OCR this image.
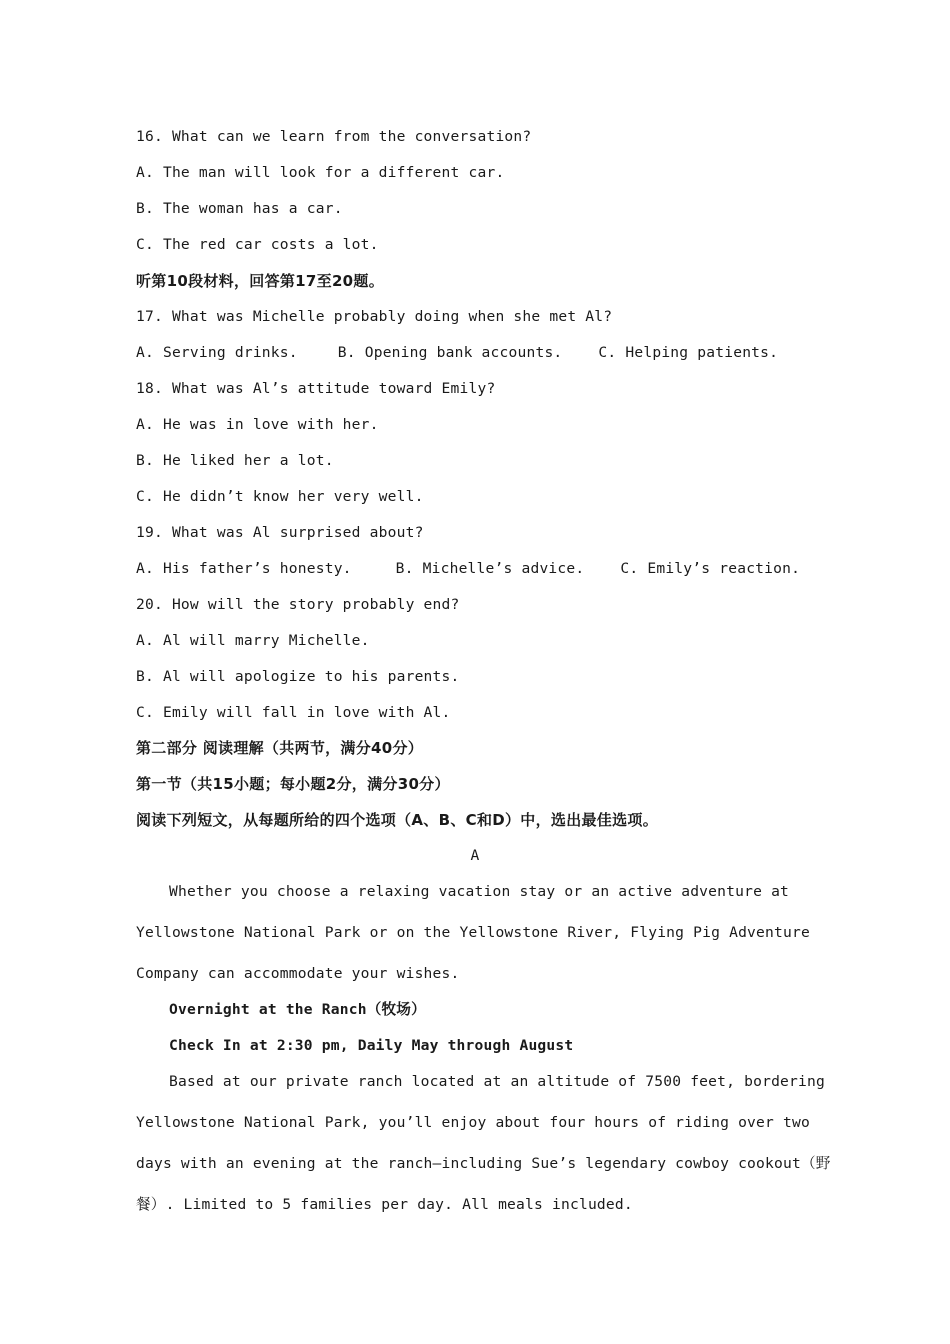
16. What can we learn from the conversation?
A. The man will look for a different car.
B. The woman has a car.
C. The red car costs a lot.
听第10段材料，回答第17至20题。
17. What was Michelle probably doing when she met Al?
A. Serving drinks.	B. Opening bank accounts. C. Helping patients.
18. What was Al’s attitude toward Emily?
A. He was in love with her.
B. He liked her a lot.
C. He didn’t know her very well.
19. What was Al surprised about?
A. His father’s honesty.	B. Michelle’s advice. C. Emily’s reaction.
20. How will the story probably end?
A. Al will marry Michelle.
B. Al will apologize to his parents.
C. Emily will fall in love with Al.
第二部分 阅读理解（共两节，满分40分）
第一节（共15小题；每小题2分，满分30分）
阅读下列短文，从每题所给的四个选项（A、B、C和D）中，选出最佳选项。
A
Whether you choose a relaxing vacation stay or an active adventure at
Yellowstone National Park or on the Yellowstone River, Flying Pig Adventure
Company can accommodate your wishes.
Overnight at the Ranch（牧场）
Check In at 2:30 pm, Daily May through August
Based at our private ranch located at an altitude of 7500 feet, bordering
Yellowstone National Park, you’ll enjoy about four hours of riding over two
days with an evening at the ranch—including Sue’s legendary cowboy cookout（野
餐）. Limited to 5 families per day. All meals included.
